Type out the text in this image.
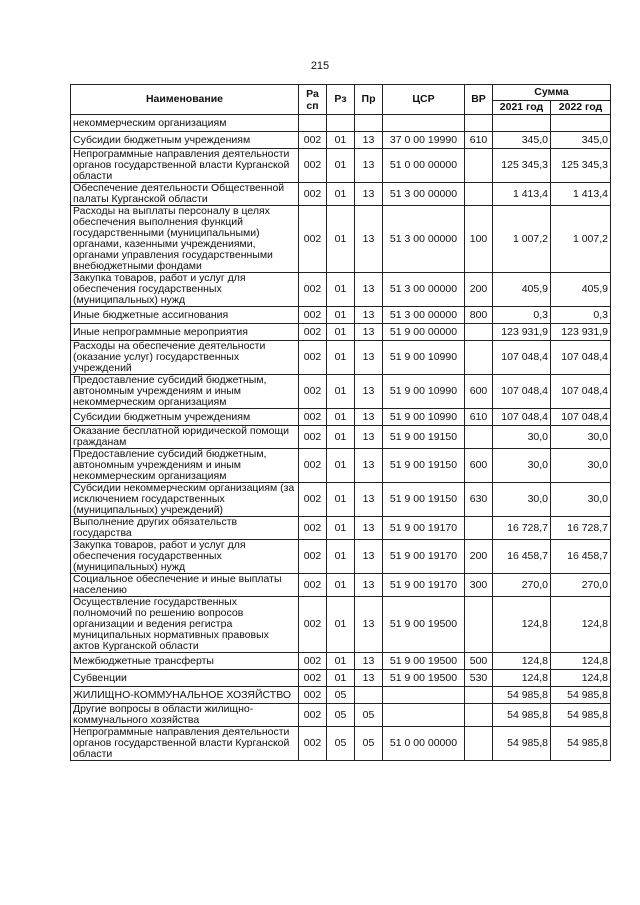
215
Наименование	Ра сп	Рз	Пр	ЦСР	ВР	Сумма	
						2021 год	2022 год
некоммерческим организациям							
Субсидии бюджетным учреждениям	002	01	13	37 0 00 19990	610	345,0	345,0
Непрограммные направления деятельности органов государственной власти Курганской области	002	01	13	51 0 00 00000		125 345,3	125 345,3
Обеспечение деятельности Общественной палаты Курганской области	002	01	13	51 3 00 00000		1 413,4	1 413,4
Расходы на выплаты персоналу в целях обеспечения выполнения функций государственными (муниципальными) органами, казенными учреждениями, органами управления государственными внебюджетными фондами	002	01	13	51 3 00 00000	100	1 007,2	1 007,2
Закупка товаров, работ и услуг для обеспечения государственных (муниципальных) нужд	002	01	13	51 3 00 00000	200	405,9	405,9
Иные бюджетные ассигнования	002	01	13	51 3 00 00000	800	0,3	0,3
Иные непрограммные мероприятия	002	01	13	51 9 00 00000		123 931,9	123 931,9
Расходы на обеспечение деятельности (оказание услуг) государственных учреждений	002	01	13	51 9 00 10990		107 048,4	107 048,4
Предоставление субсидий бюджетным, автономным учреждениям и иным некоммерческим организациям	002	01	13	51 9 00 10990	600	107 048,4	107 048,4
Субсидии бюджетным учреждениям	002	01	13	51 9 00 10990	610	107 048,4	107 048,4
Оказание бесплатной юридической помощи гражданам	002	01	13	51 9 00 19150		30,0	30,0
Предоставление субсидий бюджетным, автономным учреждениям и иным некоммерческим организациям	002	01	13	51 9 00 19150	600	30,0	30,0
Субсидии некоммерческим организациям (за исключением государственных (муниципальных) учреждений)	002	01	13	51 9 00 19150	630	30,0	30,0
Выполнение других обязательств государства	002	01	13	51 9 00 19170		16 728,7	16 728,7
Закупка товаров, работ и услуг для обеспечения государственных (муниципальных) нужд	002	01	13	51 9 00 19170	200	16 458,7	16 458,7
Социальное обеспечение и иные выплаты населению	002	01	13	51 9 00 19170	300	270,0	270,0
Осуществление государственных полномочий по решению вопросов организации и ведения регистра муниципальных нормативных правовых актов Курганской области	002	01	13	51 9 00 19500		124,8	124,8
Межбюджетные трансферты	002	01	13	51 9 00 19500	500	124,8	124,8
Субвенции	002	01	13	51 9 00 19500	530	124,8	124,8
ЖИЛИЩНО-КОММУНАЛЬНОЕ ХОЗЯЙСТВО	002	05				54 985,8	54 985,8
Другие вопросы в области жилищно-коммунального хозяйства	002	05	05			54 985,8	54 985,8
Непрограммные направления деятельности органов государственной власти Курганской области	002	05	05	51 0 00 00000		54 985,8	54 985,8
